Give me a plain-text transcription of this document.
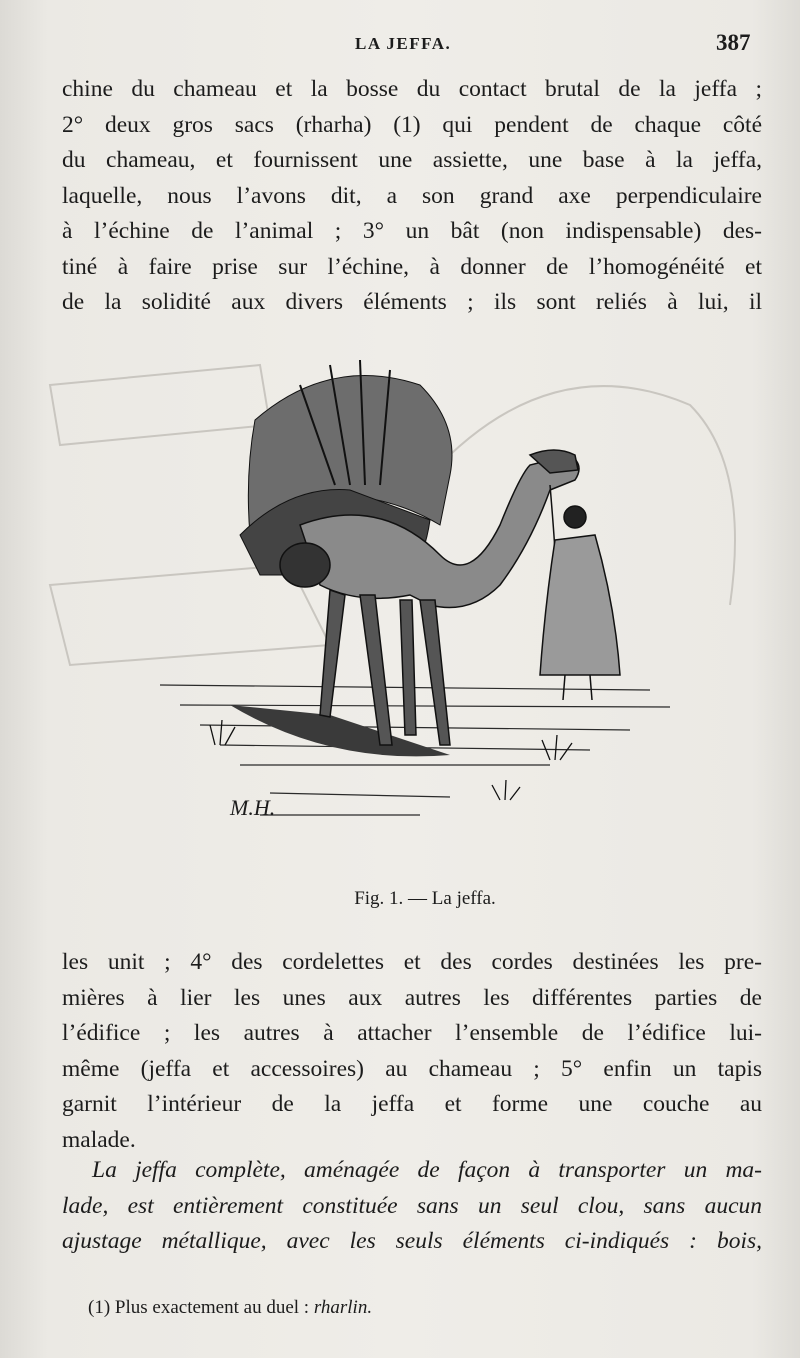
LA JEFFA.	387
chine du chameau et la bosse du contact brutal de la jeffa ;
2° deux gros sacs (rharha) (1) qui pendent de chaque côté
du chameau, et fournissent une assiette, une base à la jeffa,
laquelle, nous l’avons dit, a son grand axe perpendiculaire
à l’échine de l’animal ; 3° un bât (non indispensable) des-
tiné à faire prise sur l’échine, à donner de l’homogénéité et
de la solidité aux divers éléments ; ils sont reliés à lui, il
M.H.
Fig. 1. — La jeffa.
les unit ; 4° des cordelettes et des cordes destinées les pre-
mières à lier les unes aux autres les différentes parties de
l’édifice ; les autres à attacher l’ensemble de l’édifice lui-
même (jeffa et accessoires) au chameau ; 5° enfin un tapis
garnit l’intérieur de la jeffa et forme une couche au
malade.
La jeffa complète, aménagée de façon à transporter un ma-
lade, est entièrement constituée sans un seul clou, sans aucun
ajustage métallique, avec les seuls éléments ci-indiqués : bois,
(1) Plus exactement au duel : rharlin.
